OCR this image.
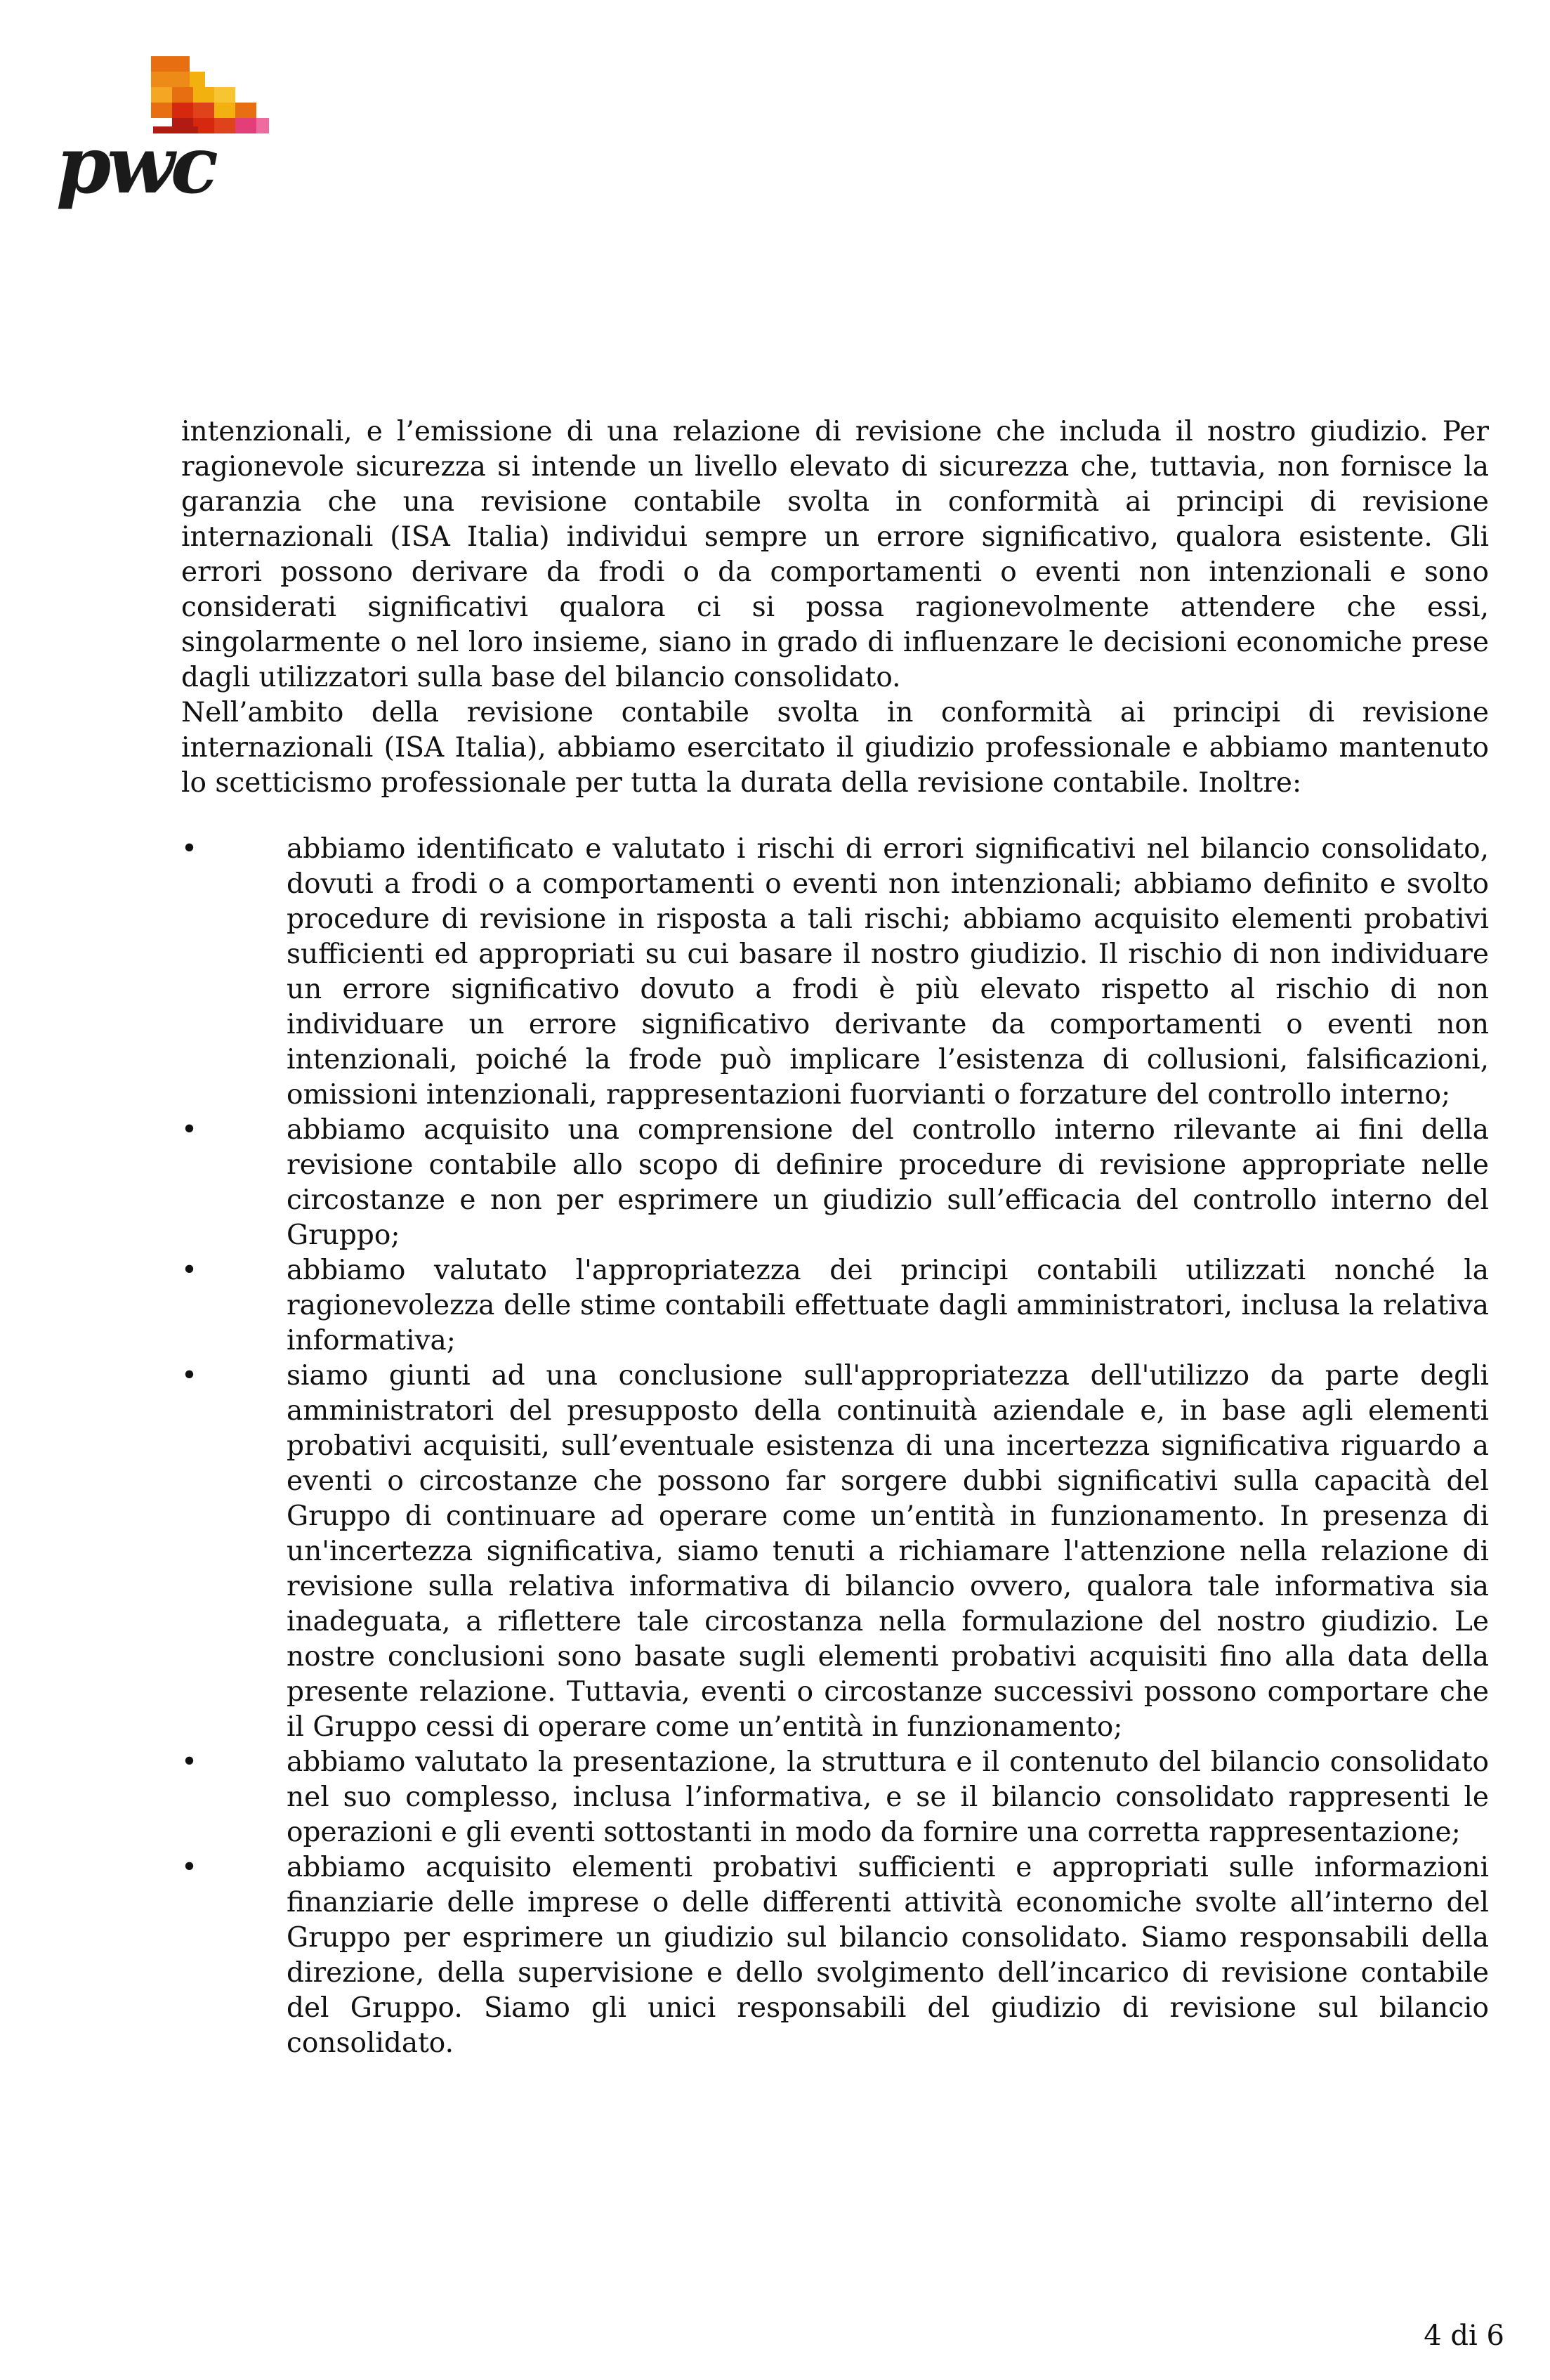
pwc

intenzionali, e l’emissione di una relazione di revisione che includa il nostro giudizio. Per ragionevole sicurezza si intende un livello elevato di sicurezza che, tuttavia, non fornisce la garanzia che una revisione contabile svolta in conformità ai principi di revisione internazionali (ISA Italia) individui sempre un errore significativo, qualora esistente. Gli errori possono derivare da frodi o da comportamenti o eventi non intenzionali e sono considerati significativi qualora ci si possa ragionevolmente attendere che essi, singolarmente o nel loro insieme, siano in grado di influenzare le decisioni economiche prese dagli utilizzatori sulla base del bilancio consolidato.

Nell’ambito della revisione contabile svolta in conformità ai principi di revisione internazionali (ISA Italia), abbiamo esercitato il giudizio professionale e abbiamo mantenuto lo scetticismo professionale per tutta la durata della revisione contabile. Inoltre:

•	abbiamo identificato e valutato i rischi di errori significativi nel bilancio consolidato, dovuti a frodi o a comportamenti o eventi non intenzionali; abbiamo definito e svolto procedure di revisione in risposta a tali rischi; abbiamo acquisito elementi probativi sufficienti ed appropriati su cui basare il nostro giudizio. Il rischio di non individuare un errore significativo dovuto a frodi è più elevato rispetto al rischio di non individuare un errore significativo derivante da comportamenti o eventi non intenzionali, poiché la frode può implicare l’esistenza di collusioni, falsificazioni, omissioni intenzionali, rappresentazioni fuorvianti o forzature del controllo interno;
•	abbiamo acquisito una comprensione del controllo interno rilevante ai fini della revisione contabile allo scopo di definire procedure di revisione appropriate nelle circostanze e non per esprimere un giudizio sull’efficacia del controllo interno del Gruppo;
•	abbiamo valutato l'appropriatezza dei principi contabili utilizzati nonché la ragionevolezza delle stime contabili effettuate dagli amministratori, inclusa la relativa informativa;
•	siamo giunti ad una conclusione sull'appropriatezza dell'utilizzo da parte degli amministratori del presupposto della continuità aziendale e, in base agli elementi probativi acquisiti, sull’eventuale esistenza di una incertezza significativa riguardo a eventi o circostanze che possono far sorgere dubbi significativi sulla capacità del Gruppo di continuare ad operare come un’entità in funzionamento. In presenza di un'incertezza significativa, siamo tenuti a richiamare l'attenzione nella relazione di revisione sulla relativa informativa di bilancio ovvero, qualora tale informativa sia inadeguata, a riflettere tale circostanza nella formulazione del nostro giudizio. Le nostre conclusioni sono basate sugli elementi probativi acquisiti fino alla data della presente relazione. Tuttavia, eventi o circostanze successivi possono comportare che il Gruppo cessi di operare come un’entità in funzionamento;
•	abbiamo valutato la presentazione, la struttura e il contenuto del bilancio consolidato nel suo complesso, inclusa l’informativa, e se il bilancio consolidato rappresenti le operazioni e gli eventi sottostanti in modo da fornire una corretta rappresentazione;
•	abbiamo acquisito elementi probativi sufficienti e appropriati sulle informazioni finanziarie delle imprese o delle differenti attività economiche svolte all’interno del Gruppo per esprimere un giudizio sul bilancio consolidato. Siamo responsabili della direzione, della supervisione e dello svolgimento dell’incarico di revisione contabile del Gruppo. Siamo gli unici responsabili del giudizio di revisione sul bilancio consolidato.
4 di 6
